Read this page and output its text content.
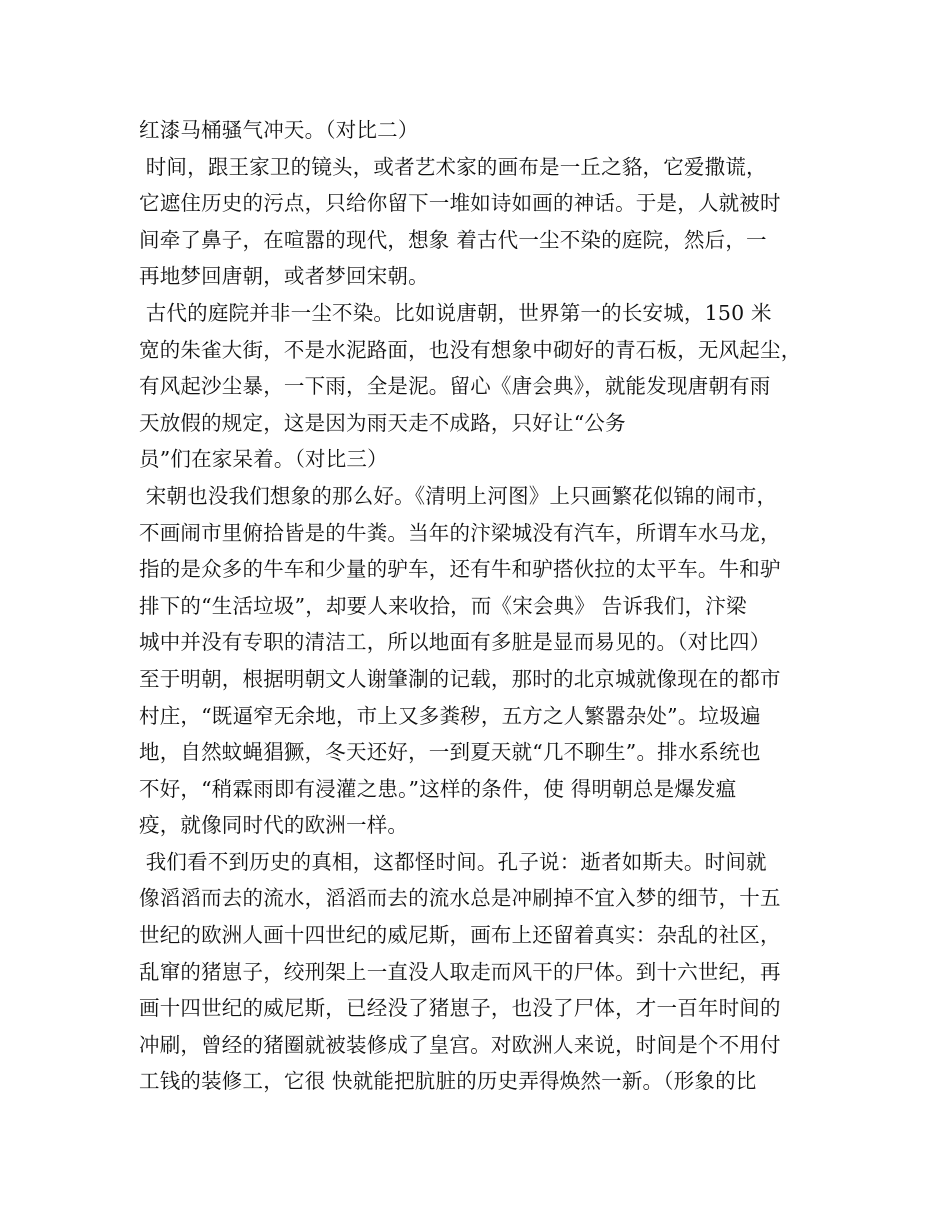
红漆马桶骚气冲天。（对比二）
时间，跟王家卫的镜头，或者艺术家的画布是一丘之貉，它爱撒谎，
它遮住历史的污点，只给你留下一堆如诗如画的神话。于是，人就被时
间牵了鼻子，在喧嚣的现代，想象 着古代一尘不染的庭院，然后，一
再地梦回唐朝，或者梦回宋朝。
古代的庭院并非一尘不染。比如说唐朝，世界第一的长安城，150 米
宽的朱雀大街，不是水泥路面，也没有想象中砌好的青石板，无风起尘，
有风起沙尘暴，一下雨，全是泥。留心《唐会典》，就能发现唐朝有雨
天放假的规定，这是因为雨天走不成路，只好让“公务
员”们在家呆着。（对比三）
宋朝也没我们想象的那么好。《清明上河图》上只画繁花似锦的闹市，
不画闹市里俯拾皆是的牛粪。当年的汴梁城没有汽车，所谓车水马龙，
指的是众多的牛车和少量的驴车，还有牛和驴搭伙拉的太平车。牛和驴
排下的“生活垃圾”，却要人来收拾，而《宋会典》 告诉我们，汴梁
城中并没有专职的清洁工，所以地面有多脏是显而易见的。（对比四）
至于明朝，根据明朝文人谢肇淛的记载，那时的北京城就像现在的都市
村庄，“既逼窄无余地，市上又多粪秽，五方之人繁嚣杂处”。垃圾遍
地，自然蚊蝇猖獗，冬天还好，一到夏天就“几不聊生”。排水系统也
不好，“稍霖雨即有浸灌之患。”这样的条件，使 得明朝总是爆发瘟
疫，就像同时代的欧洲一样。
我们看不到历史的真相，这都怪时间。孔子说：逝者如斯夫。时间就
像滔滔而去的流水，滔滔而去的流水总是冲刷掉不宜入梦的细节，十五
世纪的欧洲人画十四世纪的威尼斯，画布上还留着真实：杂乱的社区，
乱窜的猪崽子，绞刑架上一直没人取走而风干的尸体。到十六世纪，再
画十四世纪的威尼斯，已经没了猪崽子，也没了尸体，才一百年时间的
冲刷，曾经的猪圈就被装修成了皇宫。对欧洲人来说，时间是个不用付
工钱的装修工，它很 快就能把肮脏的历史弄得焕然一新。（形象的比
